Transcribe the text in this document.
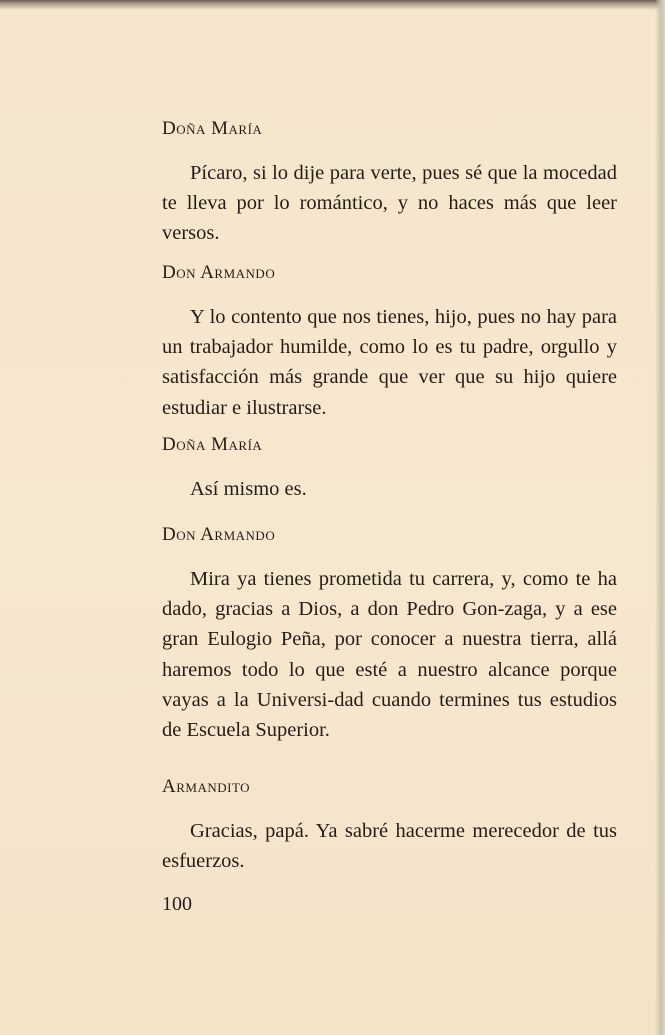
Doña María
Pícaro, si lo dije para verte, pues sé que la mocedad te lleva por lo romántico, y no haces más que leer versos.
Don Armando
Y lo contento que nos tienes, hijo, pues no hay para un trabajador humilde, como lo es tu padre, orgullo y satisfacción más grande que ver que su hijo quiere estudiar e ilustrarse.
Doña María
Así mismo es.
Don Armando
Mira ya tienes prometida tu carrera, y, como te ha dado, gracias a Dios, a don Pedro Gon-zaga, y a ese gran Eulogio Peña, por conocer a nuestra tierra, allá haremos todo lo que esté a nuestro alcance porque vayas a la Universi-dad cuando termines tus estudios de Escuela Superior.
Armandito
Gracias, papá. Ya sabré hacerme merecedor de tus esfuerzos.
100
